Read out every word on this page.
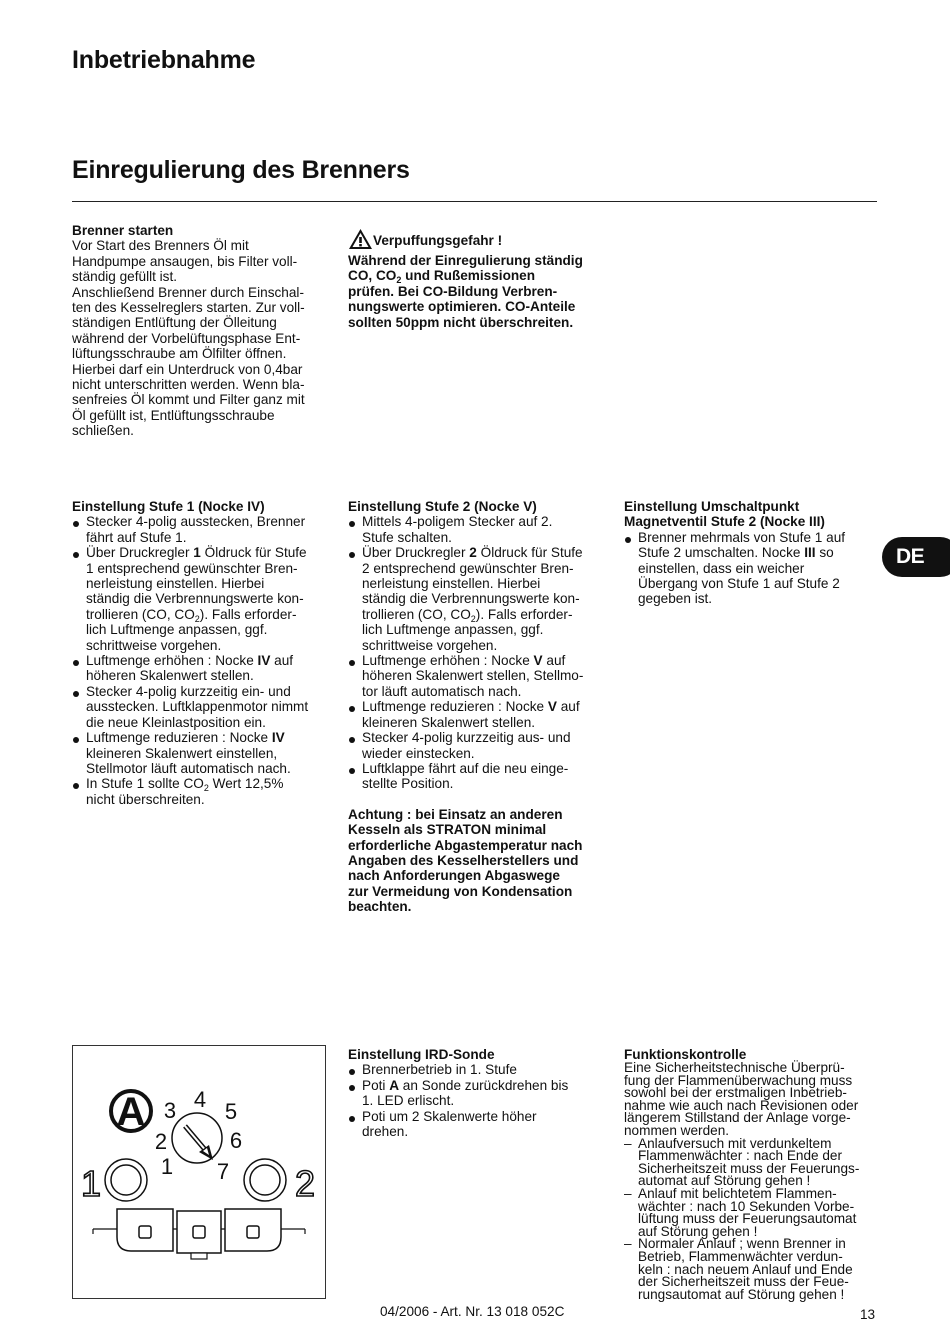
Inbetriebnahme
Einregulierung des Brenners

Brenner starten

Vor Start des Brenners Öl mit

Handpumpe ansaugen, bis Filter voll-

ständig gefüllt ist.

Anschließend Brenner durch Einschal-

ten des Kesselreglers starten. Zur voll-

ständigen Entlüftung der Ölleitung

während der Vorbelüftungsphase Ent-

lüftungsschraube am Ölfilter öffnen.

Hierbei darf ein Unterdruck von 0,4bar

nicht unterschritten werden. Wenn bla-

senfreies Öl kommt und Filter ganz mit

Öl gefüllt ist, Entlüftungsschraube

schließen.

Verpuffungsgefahr !

Während der Einregulierung ständig

CO, $CO_2$ und Rußemissionen

prüfen. Bei CO-Bildung Verbren-

nungswerte optimieren. CO-Anteile

sollten 50ppm nicht überschreiten.

Einstellung Stufe 1 (Nocke IV)

Stecker 4-polig ausstecken, Brenner
fährt auf Stufe 1.
Über Druckregler 1 Öldruck für Stufe
1 entsprechend gewünschter Bren-
nerleistung einstellen. Hierbei
ständig die Verbrennungswerte kon-
trollieren (CO, $CO_2$). Falls erforder-
lich Luftmenge anpassen, ggf.
schrittweise vorgehen.
Luftmenge erhöhen : Nocke IV auf
höheren Skalenwert stellen.
Stecker 4-polig kurzzeitig ein- und
ausstecken. Luftklappenmotor nimmt
die neue Kleinlastposition ein.
Luftmenge reduzieren : Nocke IV
kleineren Skalenwert einstellen,
Stellmotor läuft automatisch nach.
In Stufe 1 sollte $CO_2$ Wert 12,5%
nicht überschreiten.

Einstellung Stufe 2 (Nocke V)

Mittels 4-poligem Stecker auf 2.
Stufe schalten.
Über Druckregler 2 Öldruck für Stufe
2 entsprechend gewünschter Bren-
nerleistung einstellen. Hierbei
ständig die Verbrennungswerte kon-
trollieren (CO, $CO_2$). Falls erforder-
lich Luftmenge anpassen, ggf.
schrittweise vorgehen.
Luftmenge erhöhen : Nocke V auf
höheren Skalenwert stellen, Stellmo-
tor läuft automatisch nach.
Luftmenge reduzieren : Nocke V auf
kleineren Skalenwert stellen.
Stecker 4-polig kurzzeitig aus- und
wieder einstecken.
Luftklappe fährt auf die neu einge-
stellte Position.
Achtung : bei Einsatz an anderen
Kesseln als STRATON minimal
erforderliche Abgastemperatur nach
Angaben des Kesselherstellers und
nach Anforderungen Abgaswege
zur Vermeidung von Kondensation
beachten.

Einstellung Umschaltpunkt

Magnetventil Stufe 2 (Nocke III)

Brenner mehrmals von Stufe 1 auf
Stufe 2 umschalten. Nocke III so
einstellen, dass ein weicher
Übergang von Stufe 1 auf Stufe 2
gegeben ist.
DE
A
1
2
3 4 5
6
7
1	2

Einstellung IRD-Sonde

Brennerbetrieb in 1. Stufe
Poti A an Sonde zurückdrehen bis
1. LED erlischt.
Poti um 2 Skalenwerte höher
drehen.

Funktionskontrolle

Eine Sicherheitstechnische Überprü-
fung der Flammenüberwachung muss
sowohl bei der erstmaligen Inbetrieb-
nahme wie auch nach Revisionen oder
längerem Stillstand der Anlage vorge-
nommen werden.
– Anlaufversuch mit verdunkeltem
Flammenwächter : nach Ende der
Sicherheitszeit muss der Feuerungs-
automat auf Störung gehen !
– Anlauf mit belichtetem Flammen-
wächter : nach 10 Sekunden Vorbe-
lüftung muss der Feuerungsautomat
auf Störung gehen !
– Normaler Anlauf ; wenn Brenner in
Betrieb, Flammenwächter verdun-
keln : nach neuem Anlauf und Ende
der Sicherheitszeit muss der Feue-
rungsautomat auf Störung gehen !
04/2006 - Art. Nr. 13 018 052C	13
